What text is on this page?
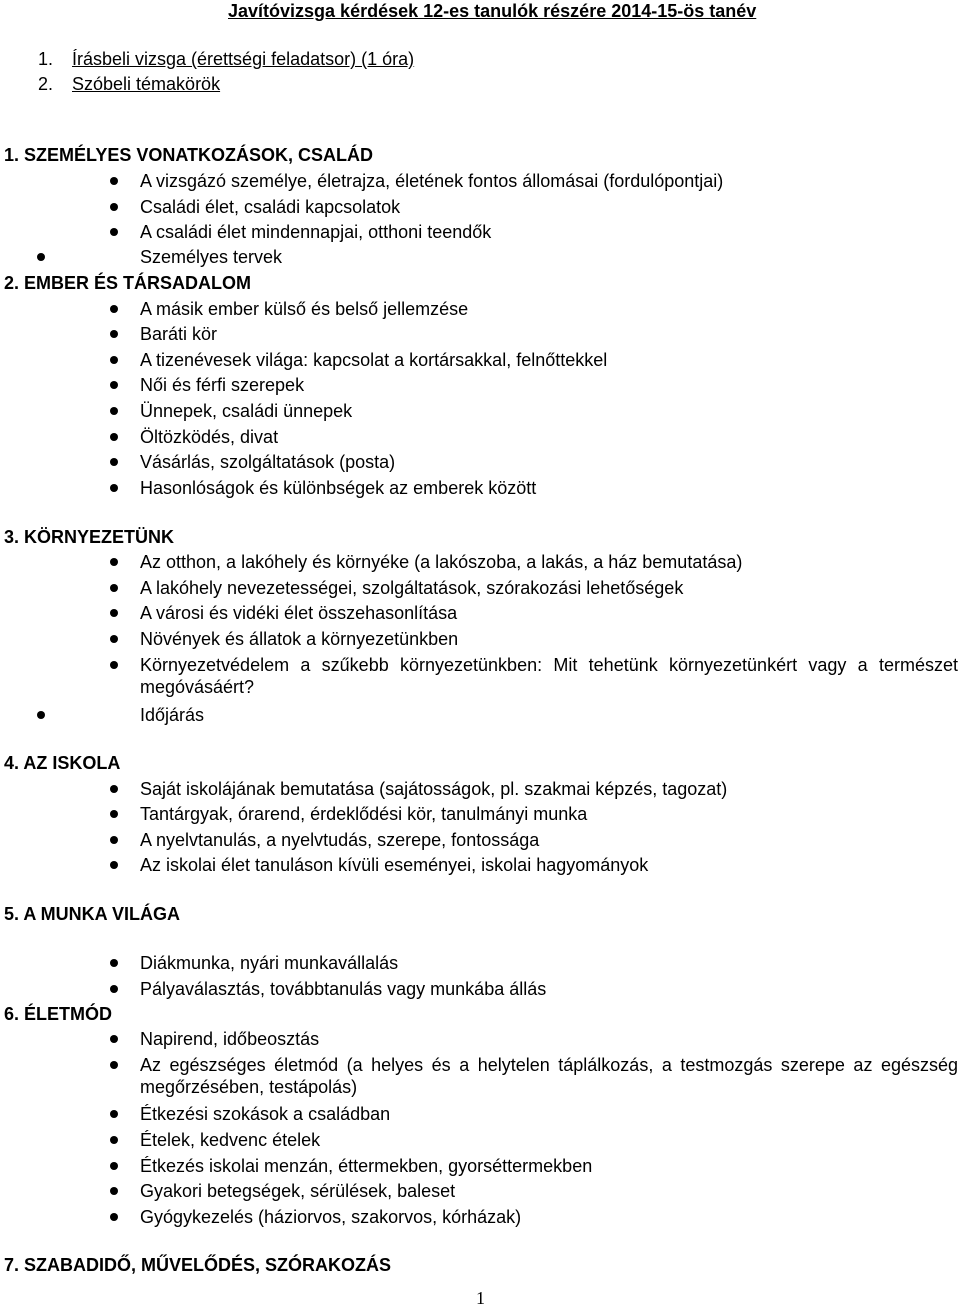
Javítóvizsga kérdések 12-es tanulók részére 2014-15-ös tanév
1. Írásbeli vizsga (érettségi feladatsor) (1 óra)
2. Szóbeli témakörök
1. SZEMÉLYES VONATKOZÁSOK, CSALÁD
A vizsgázó személye, életrajza, életének fontos állomásai (fordulópontjai)
Családi élet, családi kapcsolatok
A családi élet mindennapjai, otthoni teendők
Személyes tervek
2. EMBER ÉS TÁRSADALOM
A másik ember külső és belső jellemzése
Baráti kör
A tizenévesek világa: kapcsolat a kortársakkal, felnőttekkel
Női és férfi szerepek
Ünnepek, családi ünnepek
Öltözködés, divat
Vásárlás, szolgáltatások (posta)
Hasonlóságok és különbségek az emberek között
3. KÖRNYEZETÜNK
Az otthon, a lakóhely és környéke (a lakószoba, a lakás, a ház bemutatása)
A lakóhely nevezetességei, szolgáltatások, szórakozási lehetőségek
A városi és vidéki élet összehasonlítása
Növények és állatok a környezetünkben
Környezetvédelem a szűkebb környezetünkben: Mit tehetünk környezetünkért vagy a természet megóvásáért?
Időjárás
4. AZ ISKOLA
Saját iskolájának bemutatása (sajátosságok, pl. szakmai képzés, tagozat)
Tantárgyak, órarend, érdeklődési kör, tanulmányi munka
A nyelvtanulás, a nyelvtudás, szerepe, fontossága
Az iskolai élet tanuláson kívüli eseményei, iskolai hagyományok
5. A MUNKA VILÁGA
Diákmunka, nyári munkavállalás
Pályaválasztás, továbbtanulás vagy munkába állás
6. ÉLETMÓD
Napirend, időbeosztás
Az egészséges életmód (a helyes és a helytelen táplálkozás, a testmozgás szerepe az egészség megőrzésében, testápolás)
Étkezési szokások a családban
Ételek, kedvenc ételek
Étkezés iskolai menzán, éttermekben, gyorséttermekben
Gyakori betegségek, sérülések, baleset
Gyógykezelés (háziorvos, szakorvos, kórházak)
7. SZABADIDŐ, MŰVELŐDÉS, SZÓRAKOZÁS
1
